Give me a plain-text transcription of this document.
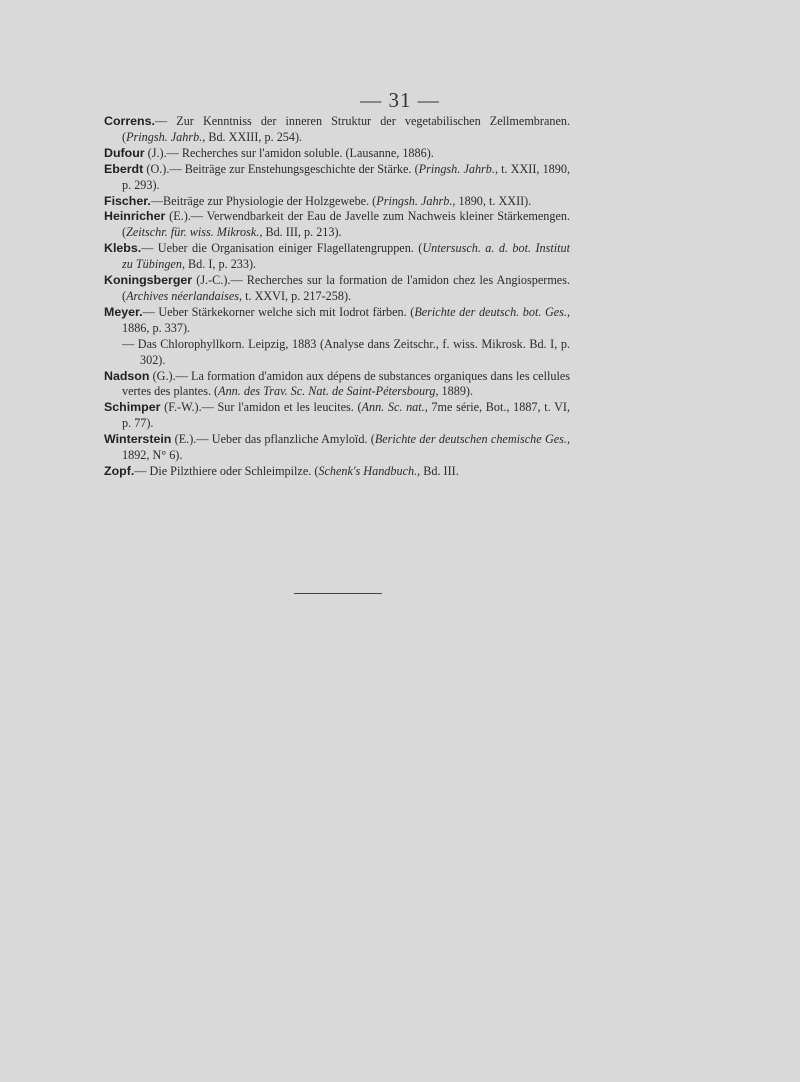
— 31 —
Correns.— Zur Kenntniss der inneren Struktur der vegetabilischen Zellmembranen. (Pringsh. Jahrb., Bd. XXIII, p. 254).
Dufour (J.).— Recherches sur l'amidon soluble. (Lausanne, 1886).
Eberdt (O.).— Beiträge zur Enstehungsgeschichte der Stärke. (Pringsh. Jahrb., t. XXII, 1890, p. 293).
Fischer.—Beiträge zur Physiologie der Holzgewebe. (Pringsh. Jahrb., 1890, t. XXII).
Heinricher (E.).— Verwendbarkeit der Eau de Javelle zum Nachweis kleiner Stärkemengen. (Zeitschr. für. wiss. Mikrosk., Bd. III, p. 213).
Klebs.— Ueber die Organisation einiger Flagellatengruppen. (Untersusch. a. d. bot. Institut zu Tübingen, Bd. I, p. 233).
Koningsberger (J.-C.).— Recherches sur la formation de l'amidon chez les Angiospermes. (Archives néerlandaises, t. XXVI, p. 217-258).
Meyer.— Ueber Stärkekorner welche sich mit Iodrot färben. (Berichte der deutsch. bot. Ges., 1886, p. 337).
— Das Chlorophyllkorn. Leipzig, 1883 (Analyse dans Zeitschr., f. wiss. Mikrosk. Bd. I, p. 302).
Nadson (G.).— La formation d'amidon aux dépens de substances organiques dans les cellules vertes des plantes. (Ann. des Trav. Sc. Nat. de Saint-Pétersbourg, 1889).
Schimper (F.-W.).— Sur l'amidon et les leucites. (Ann. Sc. nat., 7me série, Bot., 1887, t. VI, p. 77).
Winterstein (E.).— Ueber das pflanzliche Amyloïd. (Berichte der deutschen chemische Ges., 1892, N° 6).
Zopf.— Die Pilzthiere oder Schleimpilze. (Schenk's Handbuch., Bd. III.
